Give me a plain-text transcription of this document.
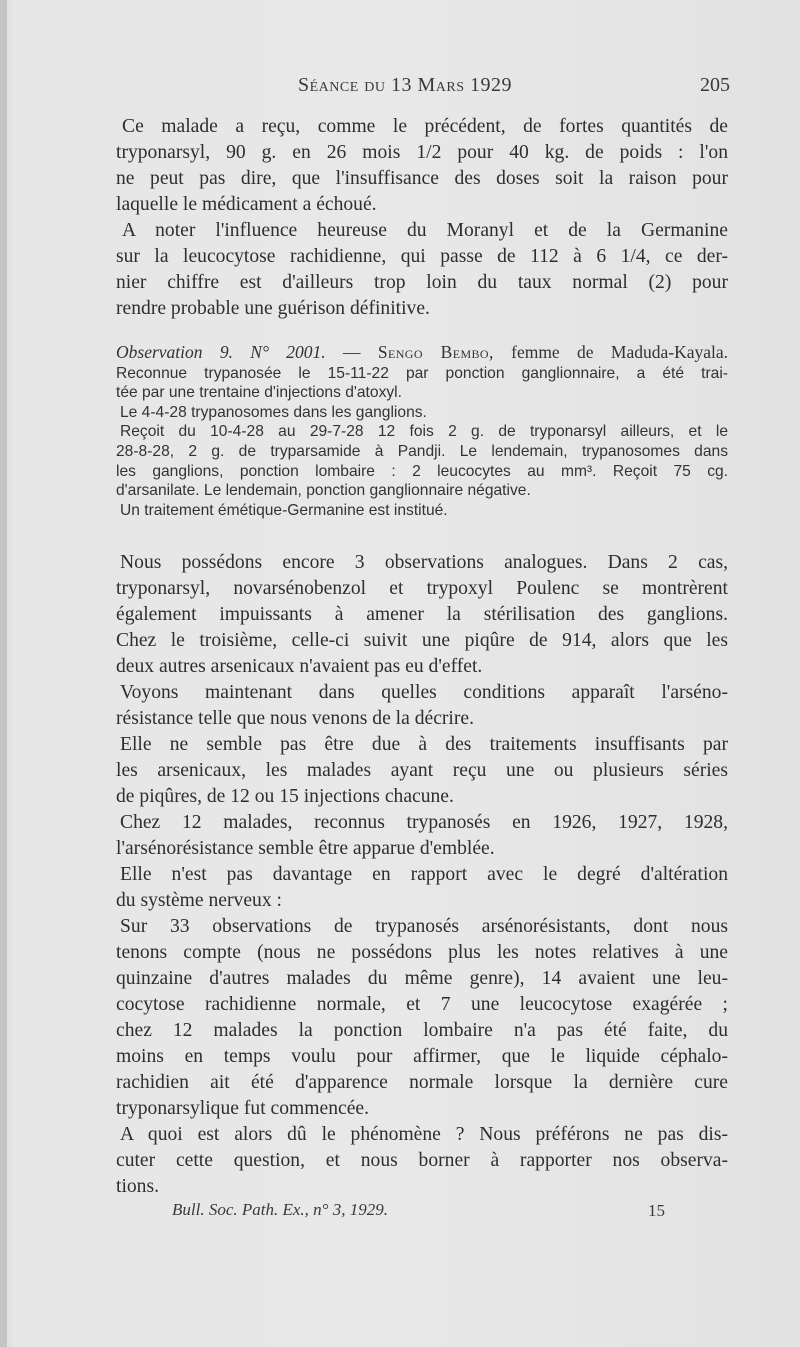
Séance du 13 Mars 1929	205
Ce malade a reçu, comme le précédent, de fortes quantités de
tryponarsyl, 90 g. en 26 mois 1/2 pour 40 kg. de poids : l'on
ne peut pas dire, que l'insuffisance des doses soit la raison pour
laquelle le médicament a échoué.
A noter l'influence heureuse du Moranyl et de la Germanine
sur la leucocytose rachidienne, qui passe de 112 à 6 1/4, ce der-
nier chiffre est d'ailleurs trop loin du taux normal (2) pour
rendre probable une guérison définitive.
Observation 9. N° 2001. — Sengo Bembo, femme de Maduda-Kayala.
Reconnue trypanosée le 15-11-22 par ponction ganglionnaire, a été trai-
tée par une trentaine d'injections d'atoxyl.
Le 4-4-28 trypanosomes dans les ganglions.
Reçoit du 10-4-28 au 29-7-28 12 fois 2 g. de tryponarsyl ailleurs, et le
28-8-28, 2 g. de tryparsamide à Pandji. Le lendemain, trypanosomes dans
les ganglions, ponction lombaire : 2 leucocytes au mm³. Reçoit 75 cg.
d'arsanilate. Le lendemain, ponction ganglionnaire négative.
Un traitement émétique-Germanine est institué.
Nous possédons encore 3 observations analogues. Dans 2 cas,
tryponarsyl, novarsénobenzol et trypoxyl Poulenc se montrèrent
également impuissants à amener la stérilisation des ganglions.
Chez le troisième, celle-ci suivit une piqûre de 914, alors que les
deux autres arsenicaux n'avaient pas eu d'effet.
Voyons maintenant dans quelles conditions apparaît l'arséno-
résistance telle que nous venons de la décrire.
Elle ne semble pas être due à des traitements insuffisants par
les arsenicaux, les malades ayant reçu une ou plusieurs séries
de piqûres, de 12 ou 15 injections chacune.
Chez 12 malades, reconnus trypanosés en 1926, 1927, 1928,
l'arsénorésistance semble être apparue d'emblée.
Elle n'est pas davantage en rapport avec le degré d'altération
du système nerveux :
Sur 33 observations de trypanosés arsénorésistants, dont nous
tenons compte (nous ne possédons plus les notes relatives à une
quinzaine d'autres malades du même genre), 14 avaient une leu-
cocytose rachidienne normale, et 7 une leucocytose exagérée ;
chez 12 malades la ponction lombaire n'a pas été faite, du
moins en temps voulu pour affirmer, que le liquide céphalo-
rachidien ait été d'apparence normale lorsque la dernière cure
tryponarsylique fut commencée.
A quoi est alors dû le phénomène ? Nous préférons ne pas dis-
cuter cette question, et nous borner à rapporter nos observa-
tions.
Bull. Soc. Path. Ex., n° 3, 1929.	15
